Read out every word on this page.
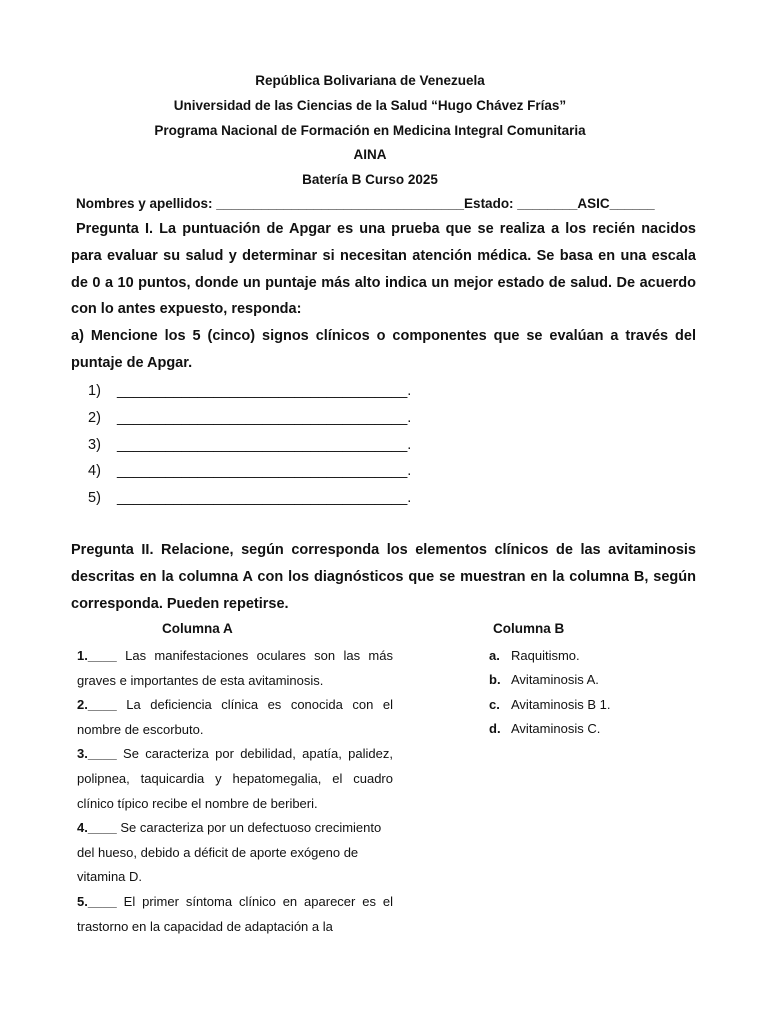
República Bolivariana de Venezuela
Universidad de las Ciencias de la Salud “Hugo Chávez Frías”
Programa Nacional de Formación en Medicina Integral Comunitaria
AINA
Batería B Curso 2025
Nombres y apellidos: _________________________________Estado: ________ASIC______
Pregunta I. La puntuación de Apgar es una prueba que se realiza a los recién nacidos para evaluar su salud y determinar si necesitan atención médica. Se basa en una escala de 0 a 10 puntos, donde un puntaje más alto indica un mejor estado de salud. De acuerdo con lo antes expuesto, responda:
a) Mencione los 5 (cinco) signos clínicos o componentes que se evalúan a través del puntaje de Apgar.
1) ____________________________________.
2) ____________________________________.
3) ____________________________________.
4) ____________________________________.
5) ____________________________________.
Pregunta II. Relacione, según corresponda los elementos clínicos de las avitaminosis descritas en la columna A con los diagnósticos que se muestran en la columna B, según corresponda. Pueden repetirse.
Columna A	Columna B
1.____ Las manifestaciones oculares son las más graves e importantes de esta avitaminosis.
2.____ La deficiencia clínica es conocida con el nombre de escorbuto.
3.____ Se caracteriza por debilidad, apatía, palidez, polipnea, taquicardia y hepatomegalia, el cuadro clínico típico recibe el nombre de beriberi.
4.____ Se caracteriza por un defectuoso crecimiento del hueso, debido a déficit de aporte exógeno de vitamina D.
5.____ El primer síntoma clínico en aparecer es el trastorno en la capacidad de adaptación a la
a. Raquitismo.
b. Avitaminosis A.
c. Avitaminosis B 1.
d. Avitaminosis C.
